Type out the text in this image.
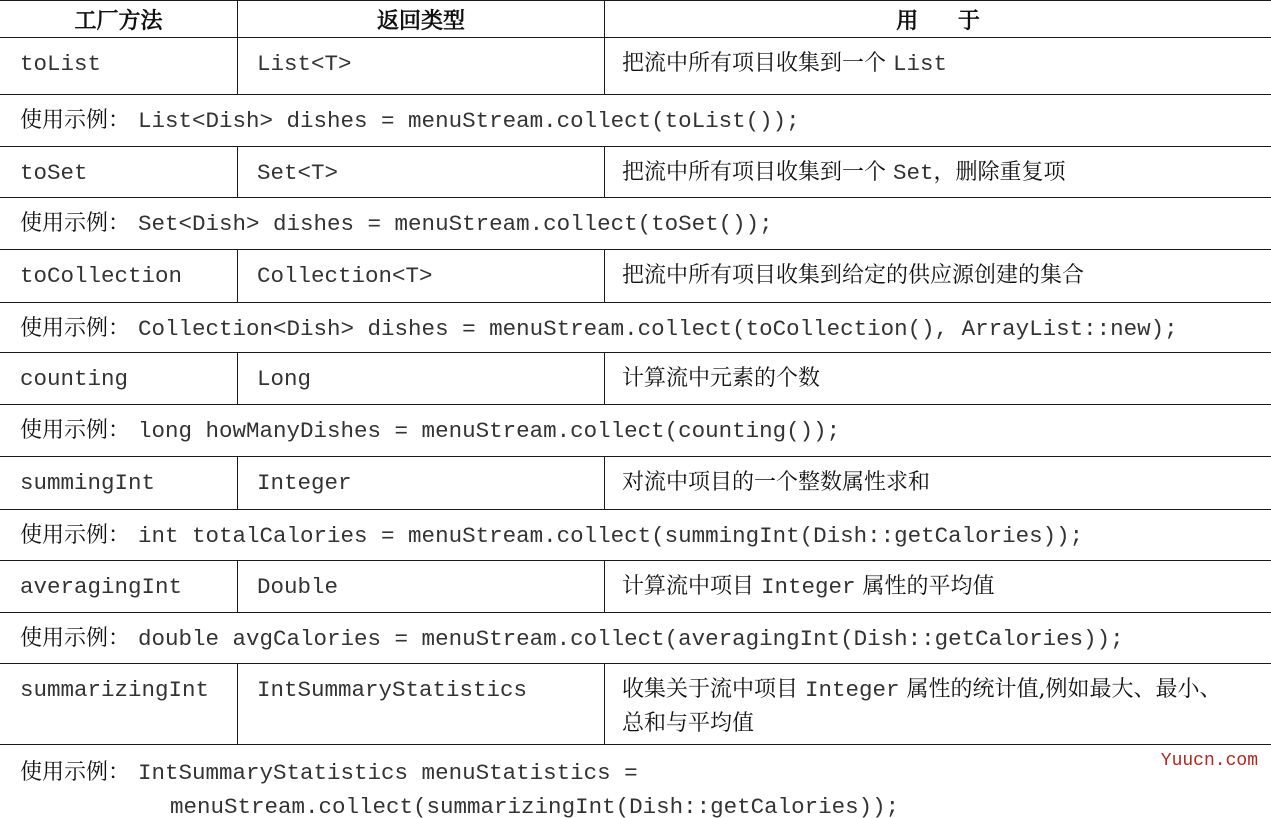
工厂方法	返回类型	用 于
toList	List<T>	把流中所有项目收集到一个 List
使用示例： List<Dish> dishes = menuStream.collect(toList());
toSet	Set<T>	把流中所有项目收集到一个 Set，删除重复项
使用示例： Set<Dish> dishes = menuStream.collect(toSet());
toCollection	Collection<T>	把流中所有项目收集到给定的供应源创建的集合
使用示例： Collection<Dish> dishes = menuStream.collect(toCollection(), ArrayList::new);
counting	Long	计算流中元素的个数
使用示例： long howManyDishes = menuStream.collect(counting());
summingInt	Integer	对流中项目的一个整数属性求和
使用示例： int totalCalories = menuStream.collect(summingInt(Dish::getCalories));
averagingInt	Double	计算流中项目 Integer 属性的平均值
使用示例： double avgCalories = menuStream.collect(averagingInt(Dish::getCalories));
summarizingInt	IntSummaryStatistics	收集关于流中项目 Integer 属性的统计值,例如最大、最小、
总和与平均值
使用示例： IntSummaryStatistics menuStatistics =
menuStream.collect(summarizingInt(Dish::getCalories));
Yuucn.com
